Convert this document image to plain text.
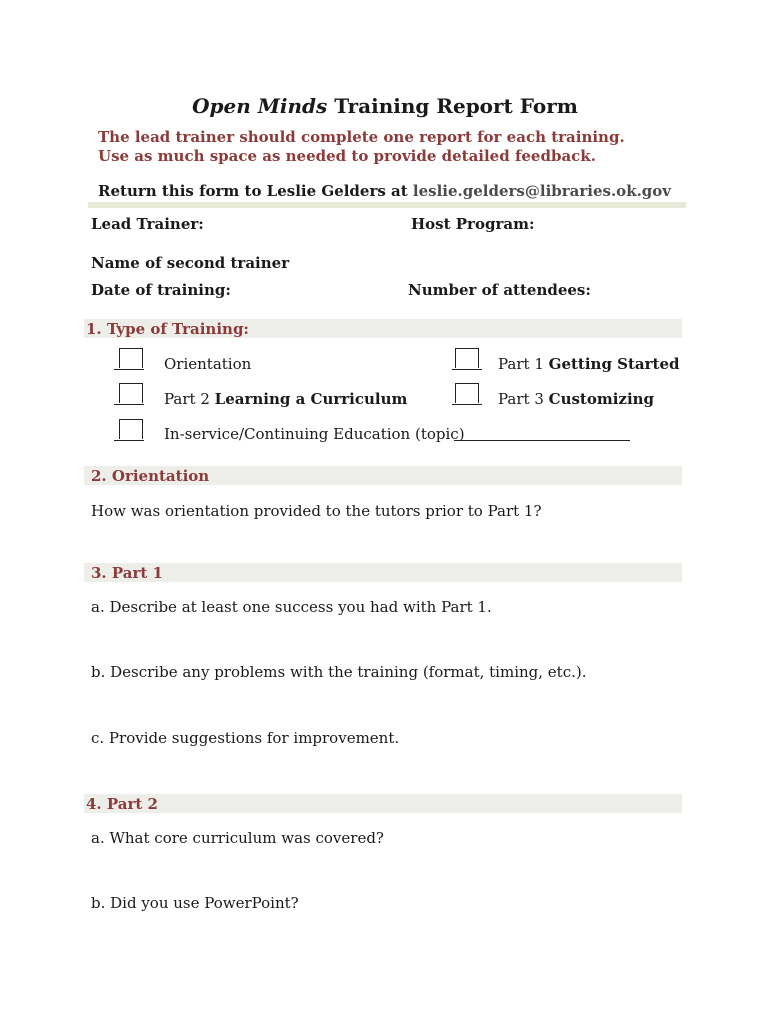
Open Minds Training Report Form
The lead trainer should complete one report for each training. Use as much space as needed to provide detailed feedback.
Return this form to Leslie Gelders at leslie.gelders@libraries.ok.gov
Lead Trainer:	Host Program:
Name of second trainer
Date of training:	Number of attendees:
1. Type of Training:
Orientation	Part 1 Getting Started
Part 2 Learning a Curriculum	Part 3 Customizing
In-service/Continuing Education (topic)
2. Orientation
How was orientation provided to the tutors prior to Part 1?
3. Part 1
a. Describe at least one success you had with Part 1.
b. Describe any problems with the training (format, timing, etc.).
c. Provide suggestions for improvement.
4. Part 2
a. What core curriculum was covered?
b. Did you use PowerPoint?
